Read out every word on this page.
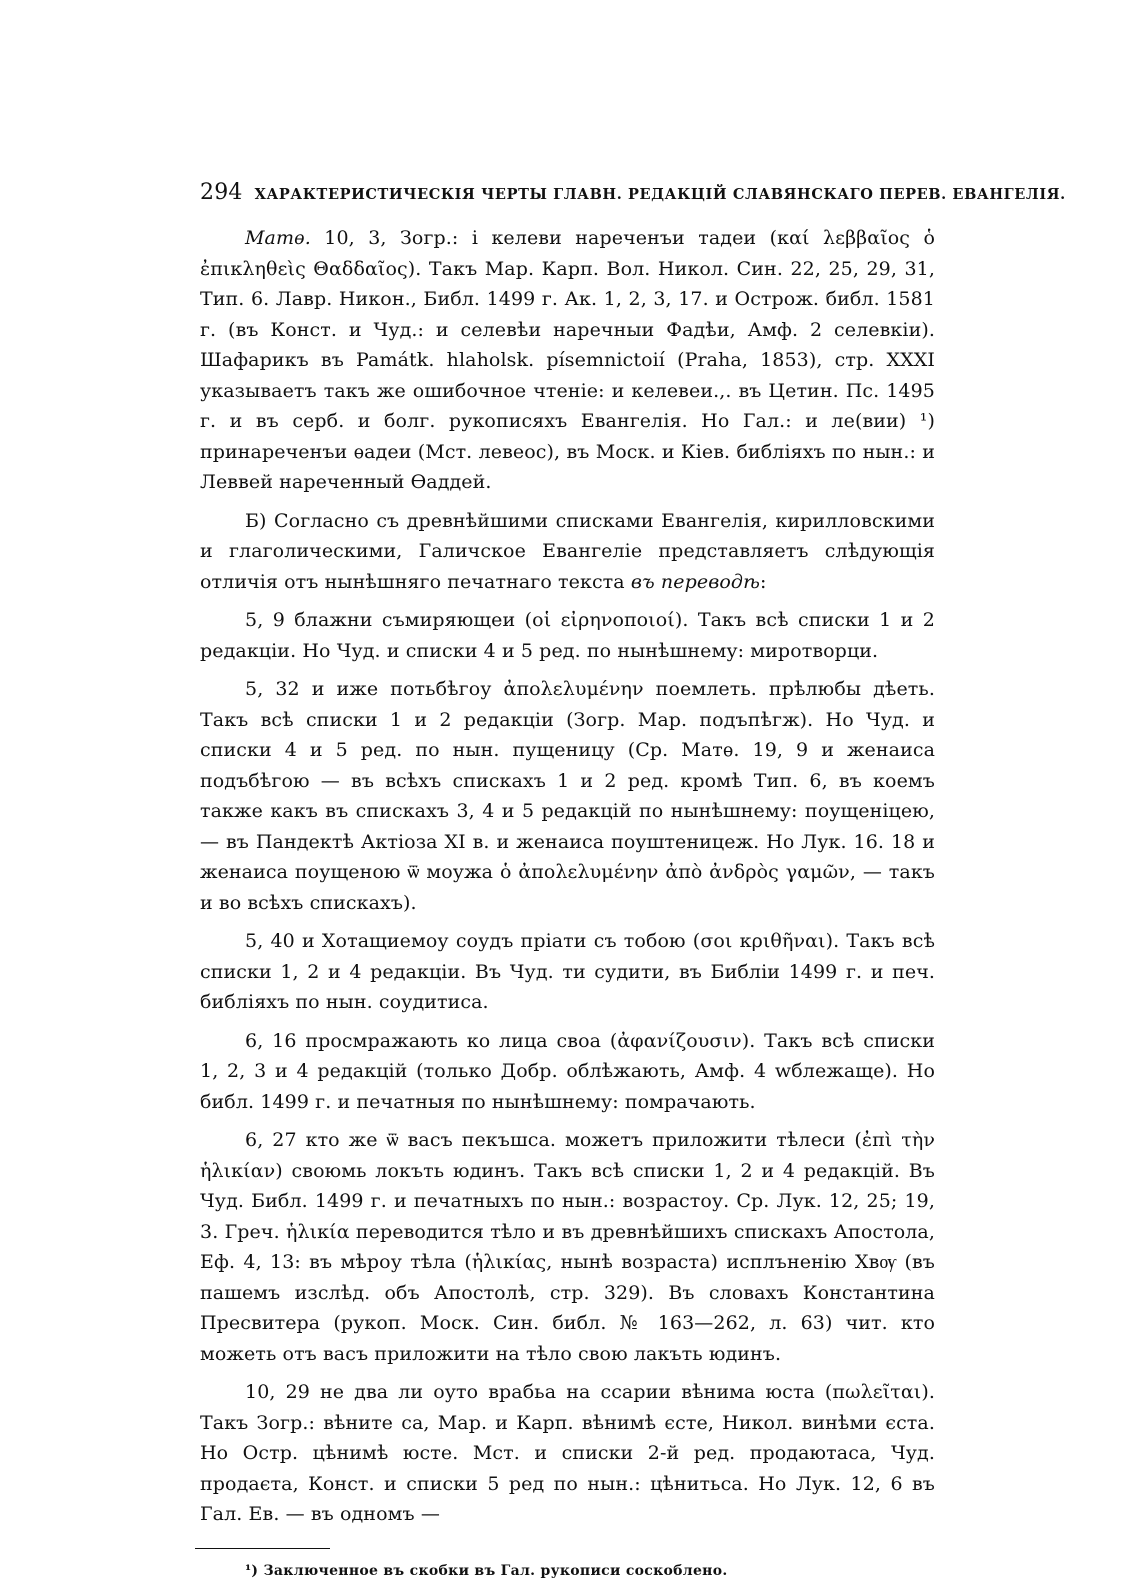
294 ХАРАКТЕРИСТИЧЕСКІЯ ЧЕРТЫ ГЛАВН. РЕДАКЦІЙ СЛАВЯНСКАГО ПЕРЕВ. ЕВАНГЕЛІЯ.

Матѳ. 10, 3, Зогр.: і келеви нареченъи тадеи (καί λεββαῖος ὁ ἐπικληθεὶς Θαδδαῖος). Такъ Мар. Карп. Вол. Никол. Син. 22, 25, 29, 31, Тип. 6. Лавр. Никон., Библ. 1499 г. Ак. 1, 2, 3, 17. и Острож. библ. 1581 г. (въ Конст. и Чуд.: и селевѣи наречныи Фадѣи, Амф. 2 селевкіи). Шафарикъ въ Památk. hlaholsk. písemnictoií (Praha, 1853), стр. XXXI указываетъ такъ же ошибочное чтеніе: и келевеи.,. въ Цетин. Пс. 1495 г. и въ серб. и болг. рукописяхъ Евангелія. Но Гал.: и ле(вии) ¹) принареченъи ѳадеи (Мст. левеос), въ Моск. и Кіев. библіяхъ по нын.: и Леввей нареченный Ѳаддей.

Б) Согласно съ древнѣйшими списками Евангелія, кирилловскими и глаголическими, Галичское Евангеліе представляетъ слѣдующія отличія отъ нынѣшняго печатнаго текста въ переводѣ:

5, 9 блажни съмиряющеи (οἱ εἰρηνοποιοί). Такъ всѣ списки 1 и 2 редакціи. Но Чуд. и списки 4 и 5 ред. по нынѣшнему: миротворци.

5, 32 и иже потьбѣгоу ἀπολελυμένην поемлеть. прѣлюбы дѣеть. Такъ всѣ списки 1 и 2 редакціи (Зогр. Мар. подъпѣгж). Но Чуд. и списки 4 и 5 ред. по нын. пущеницу (Ср. Матѳ. 19, 9 и женаиса подъбѣгою — въ всѣхъ спискахъ 1 и 2 ред. кромѣ Тип. 6, въ коемъ также какъ въ спискахъ 3, 4 и 5 редакцій по нынѣшнему: поущеніцею, — въ Пандектѣ Актіоза XI в. и женаиса поуштеницеж. Но Лук. 16. 18 и женаиса поущеною ѿ моужа ὁ ἀπολελυμένην ἀπὸ ἀνδρὸς γαμῶν, — такъ и во всѣхъ спискахъ).

5, 40 и Хотащиемоу соудъ пріати съ тобою (σοι κριθῆναι). Такъ всѣ списки 1, 2 и 4 редакціи. Въ Чуд. ти судити, въ Библіи 1499 г. и печ. библіяхъ по нын. соудитиса.

6, 16 просмражають ко лица своа (ἀφανίζουσιν). Такъ всѣ списки 1, 2, 3 и 4 редакцій (только Добр. облѣжають, Амф. 4 wблежаще). Но библ. 1499 г. и печатныя по нынѣшнему: помрачають.

6, 27 кто же ѿ васъ пекъшса. можетъ приложити тѣлеси (ἐπὶ τὴν ἡλικίαν) своюмь локъть юдинъ. Такъ всѣ списки 1, 2 и 4 редакцій. Въ Чуд. Библ. 1499 г. и печатныхъ по нын.: возрастоу. Ср. Лук. 12, 25; 19, 3. Греч. ἡλικία переводится тѣло и въ древнѣйшихъ спискахъ Апостола, Еф. 4, 13: въ мѣроу тѣла (ἡλικίας, нынѣ возраста) исплъненію Хвѹ (въ пашемъ изслѣд. объ Апостолѣ, стр. 329). Въ словахъ Константина Пресвитера (рукоп. Моск. Син. библ. № 163—262, л. 63) чит. кто можеть отъ васъ приложити на тѣло свою лакъть юдинъ.

10, 29 не два ли оуто врабьа на ссарии вѣнима юста (πωλεῖται). Такъ Зогр.: вѣните са, Мар. и Карп. вѣнимѣ єсте, Никол. винѣми єста. Но Остр. цѣнимѣ юсте. Мст. и списки 2-й ред. продаютаса, Чуд. продаєта, Конст. и списки 5 ред по нын.: цѣнитьса. Но Лук. 12, 6 въ Гал. Ев. — въ одномъ —

¹) Заключенное въ скобки въ Гал. рукописи соскоблено.
